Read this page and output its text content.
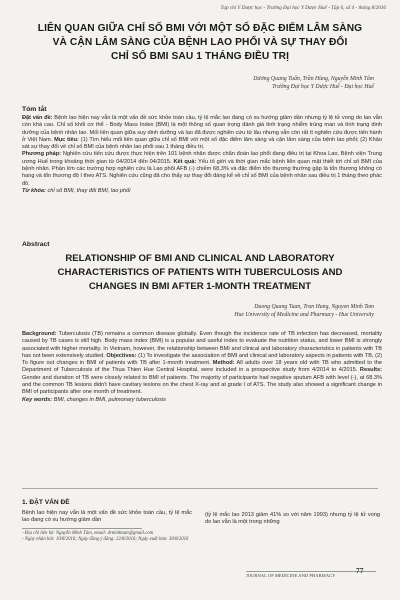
Tạp chí Y Dược học - Trường Đại học Y Dược Huế - Tập 6, số 4 - tháng 8/2016
LIÊN QUAN GIỮA CHỈ SỐ BMI VỚI MỘT SỐ ĐẶC ĐIỂM LÂM SÀNG
VÀ CẬN LÂM SÀNG CỦA BỆNH LAO PHỔI VÀ SỰ THAY ĐỔI
CHỈ SỐ BMI SAU 1 THÁNG ĐIỀU TRỊ
Dương Quang Tuấn, Trần Hùng, Nguyễn Minh Tâm
Trường Đại học Y Dược Huế - Đại học Huế
Tóm tắt
Đặt vấn đề: Bệnh lao hiện nay vẫn là một vấn đề sức khỏe toàn cầu, tỷ lệ mắc lao đang có xu hướng giảm dần nhưng tỷ lệ tử vong do lao vẫn còn khá cao. Chỉ số khối cơ thể - Body Mass Index (BMI) là một thông số quan trọng đánh giá tình trạng nhiễm trùng man và tình trạng dinh dưỡng của bệnh nhân lao. Mối liên quan giữa suy dinh dưỡng và lao đã được nghiên cứu từ lâu nhưng vẫn còn rất ít nghiên cứu được tiến hành ở Việt Nam. Mục tiêu: (1) Tìm hiểu mối liên quan giữa chỉ số BMI với một số đặc điểm lâm sàng và cận lâm sàng của bệnh lao phổi; (2) Khảo sát sự thay đổi về chỉ số BMI của bệnh nhân lao phổi sau 1 tháng điều trị.
Phương pháp: Nghiên cứu tiến cứu được thực hiện trên 101 bệnh nhân được chẩn đoán lao phổi đang điều trị tại Khoa Lao, Bệnh viện Trung ương Huế trong khoảng thời gian từ 04/2014 đến 04/2015. Kết quả: Yếu tố giới và thời gian mắc bệnh liên quan mật thiết tới chỉ số BMI của bệnh nhân. Phần lớn các trường hợp nghiên cứu là Lao phổi AFB (-) chiếm 68,3% và đặc điểm tổn thương thường gặp là tổn thương không có hang và tổn thương độ I theo ATS. Nghiên cứu cũng đã cho thấy sự thay đổi đáng kể về chỉ số BMI của bệnh nhân sau điều trị 1 tháng theo phác đồ.
Từ khóa: chỉ số BMI, thay đổi BMI, lao phổi
Abstract
RELATIONSHIP OF BMI AND CLINICAL AND LABORATORY
CHARACTERISTICS OF PATIENTS WITH TUBERCULOSIS AND
CHANGES IN BMI AFTER 1-MONTH TREATMENT
Duong Quang Tuan, Tran Hung, Nguyen Minh Tam
Hue University of Medicine and Pharmacy - Hue University
Background: Tuberculosis (TB) remains a common disease globally. Even though the incidence rate of TB infection has decreased, mortality caused by TB cases is still high. Body mass index (BMI) is a popular and useful index to evaluate the nutrition status, and lower BMI is strongly associated with higher mortality. In Vietnam, however, the relationship between BMI and clinical and laboratory characteristics in patients with TB has not been extensively studied. Objectives: (1) To investigate the association of BMI and clinical and laboratory aspects in patients with TB, (2) To figure out changes in BMI of patients with TB after 1-month treatment. Method: All adults over 18 years old with TB who admitted to the Department of Tuberculosis of the Thua Thien Hue Central Hospital, were included in a prospective study from 4/2014 to 4/2015. Results: Gender and duration of TB were closely related to BMI of patients. The majority of participants had negative sputum AFB with level (-), at 68.3% and the common TB lesions didn't have cavitary lesions on the chest X-ray and at grade I of ATS. The study also showed a significant change in BMI of participants after one month of treatment.
Key words: BMI, changes in BMI, pulmonary tuberculosis
1. ĐẶT VẤN ĐỀ
Bệnh lao hiện nay vẫn là một vấn đề sức khỏe toàn cầu, tỷ lệ mắc lao đang có xu hướng giảm dần
(tỷ lệ mắc lao 2013 giảm 41% so với năm 1993) nhưng tỷ lệ tử vong do lao vẫn là một trong những
- Địa chỉ liên hệ: Nguyễn Minh Tâm, email: drminhtam@gmail.com
- Ngày nhận bài: 10/8/2016; Ngày đồng ý đăng: 22/8/2016; Ngày xuất bản: 30/8/2016
JOURNAL OF MEDICINE AND PHARMACY
77
